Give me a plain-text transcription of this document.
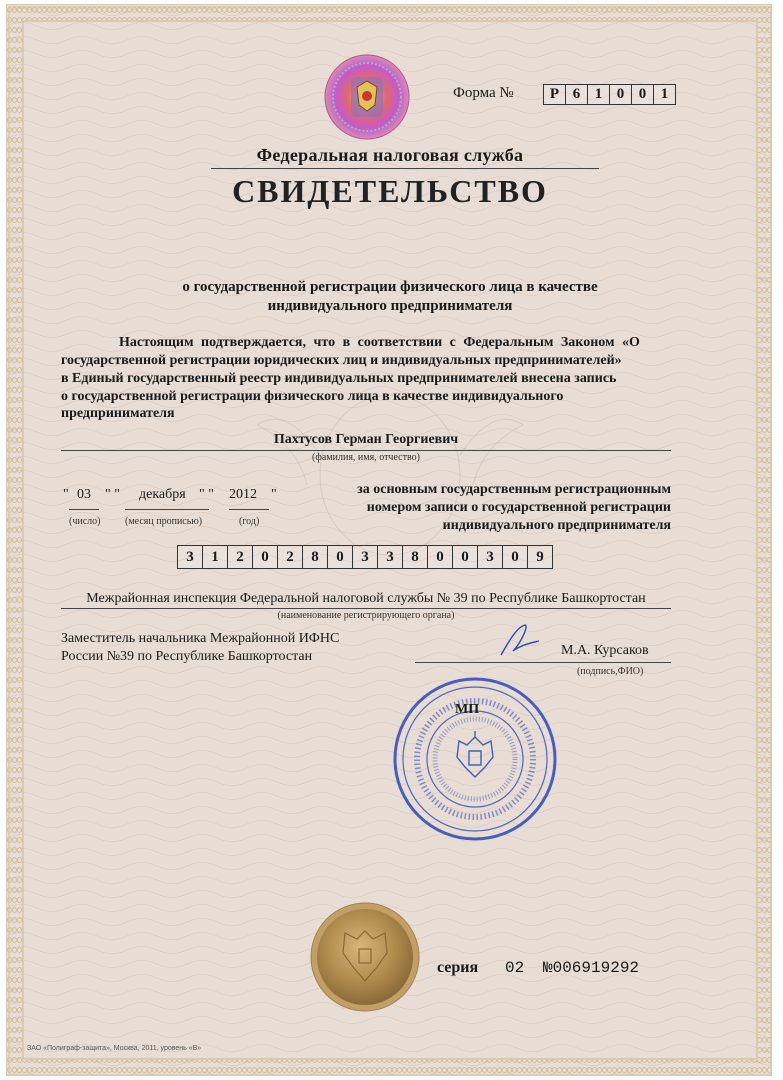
Форма №	Р 6 1 0 0 1
Федеральная налоговая служба
СВИДЕТЕЛЬСТВО
о государственной регистрации физического лица в качестве
индивидуального предпринимателя
Настоящим подтверждается, что в соответствии с Федеральным Законом «О
государственной регистрации юридических лиц и индивидуальных предпринимателей»
в Единый государственный реестр индивидуальных предпринимателей внесена запись
о государственной регистрации физического лица в качестве индивидуального
предпринимателя
Пахтусов Герман Георгиевич
(фамилия, имя, отчество)
" 03 " " декабря " " 2012 "
(число) (месяц прописью)	(год)
за основным государственным регистрационным
номером записи о государственной регистрации
индивидуального предпринимателя
3	1	2	0	2	8	0	3	3	8	0	0	3	0	9
Межрайонная инспекция Федеральной налоговой службы № 39 по Республике Башкортостан
(наименование регистрирующего органа)
Заместитель начальника Межрайонной ИФНС
России №39 по Республике Башкортостан	М.А. Курсаков
(подпись,ФИО)
МП
серия 02 №006919292
ЗАО «Полиграф-защита», Москва, 2011, уровень «В»
